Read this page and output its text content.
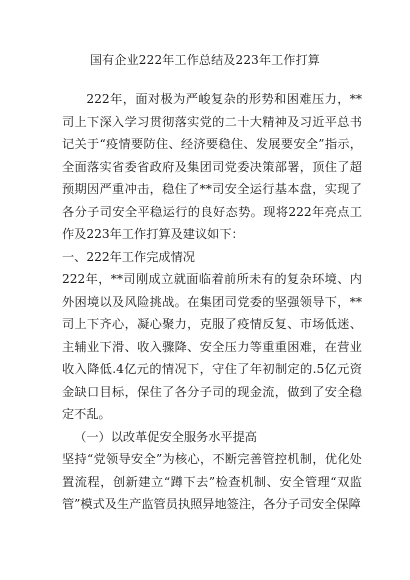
国有企业222年工作总结及223年工作打算

222年，面对极为严峻复杂的形势和困难压力，**司上下深入学习贯彻落实党的二十大精神及习近平总书记关于“疫情要防住、经济要稳住、发展要安全”指示，全面落实省委省政府及集团司党委决策部署，顶住了超预期因严重冲击，稳住了**司安全运行基本盘，实现了各分子司安全平稳运行的良好态势。现将222年亮点工作及223年工作打算及建议如下：

一、222年工作完成情况

222年，**司刚成立就面临着前所未有的复杂环境、内外困境以及风险挑战。在集团司党委的坚强领导下，**司上下齐心，凝心聚力，克服了疫情反复、市场低迷、主辅业下滑、收入骤降、安全压力等重重困难，在营业收入降低.4亿元的情况下，守住了年初制定的.5亿元资金缺口目标，保住了各分子司的现金流，做到了安全稳定不乱。

（一）以改革促安全服务水平提高

坚持“党领导安全”为核心，不断完善管控机制，优化处置流程，创新建立“蹲下去”检查机制、安全管理“双监管”模式及生产监管员执照异地签注，各分子司安全保障
